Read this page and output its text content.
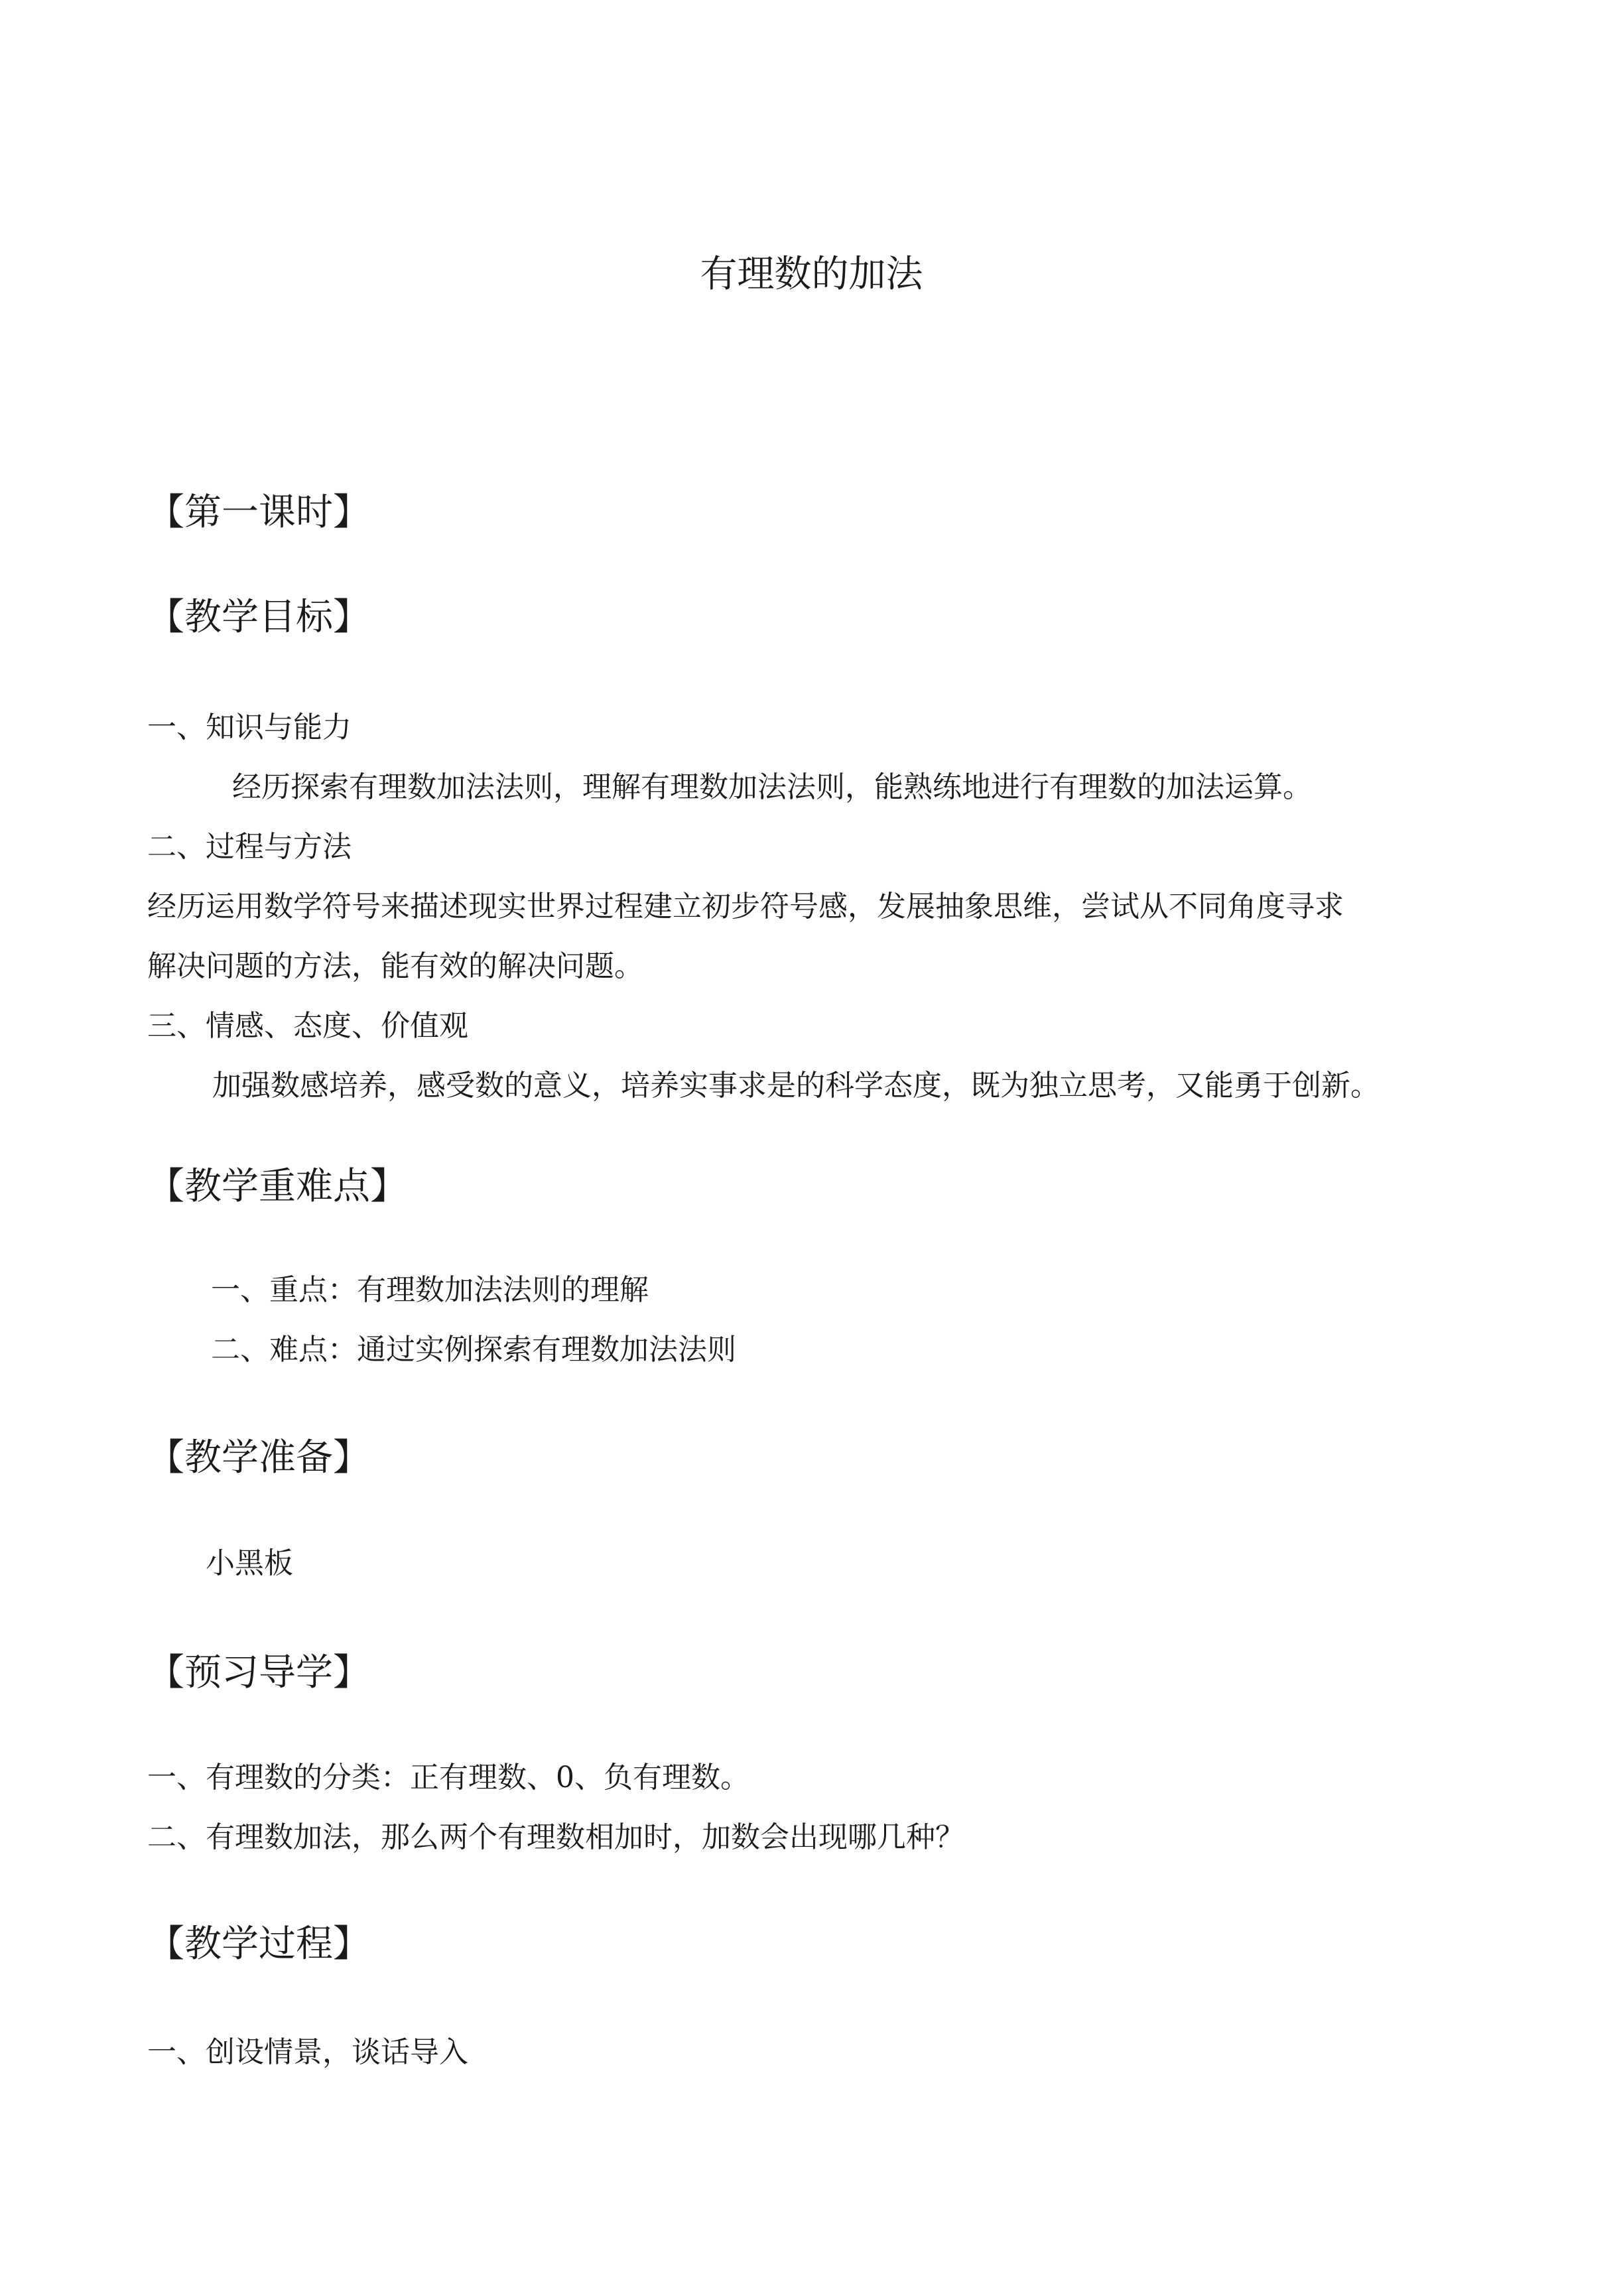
有理数的加法
【第一课时】
【教学目标】
一、知识与能力
经历探索有理数加法法则，理解有理数加法法则，能熟练地进行有理数的加法运算。
二、过程与方法
经历运用数学符号来描述现实世界过程建立初步符号感，发展抽象思维，尝试从不同角度寻求
解决问题的方法，能有效的解决问题。
三、情感、态度、价值观
加强数感培养，感受数的意义，培养实事求是的科学态度，既为独立思考，又能勇于创新。
【教学重难点】
一、重点：有理数加法法则的理解
二、难点：通过实例探索有理数加法法则
【教学准备】
小黑板
【预习导学】
一、有理数的分类：正有理数、0、负有理数。
二、有理数加法，那么两个有理数相加时，加数会出现哪几种？
【教学过程】
一、创设情景，谈话导入
